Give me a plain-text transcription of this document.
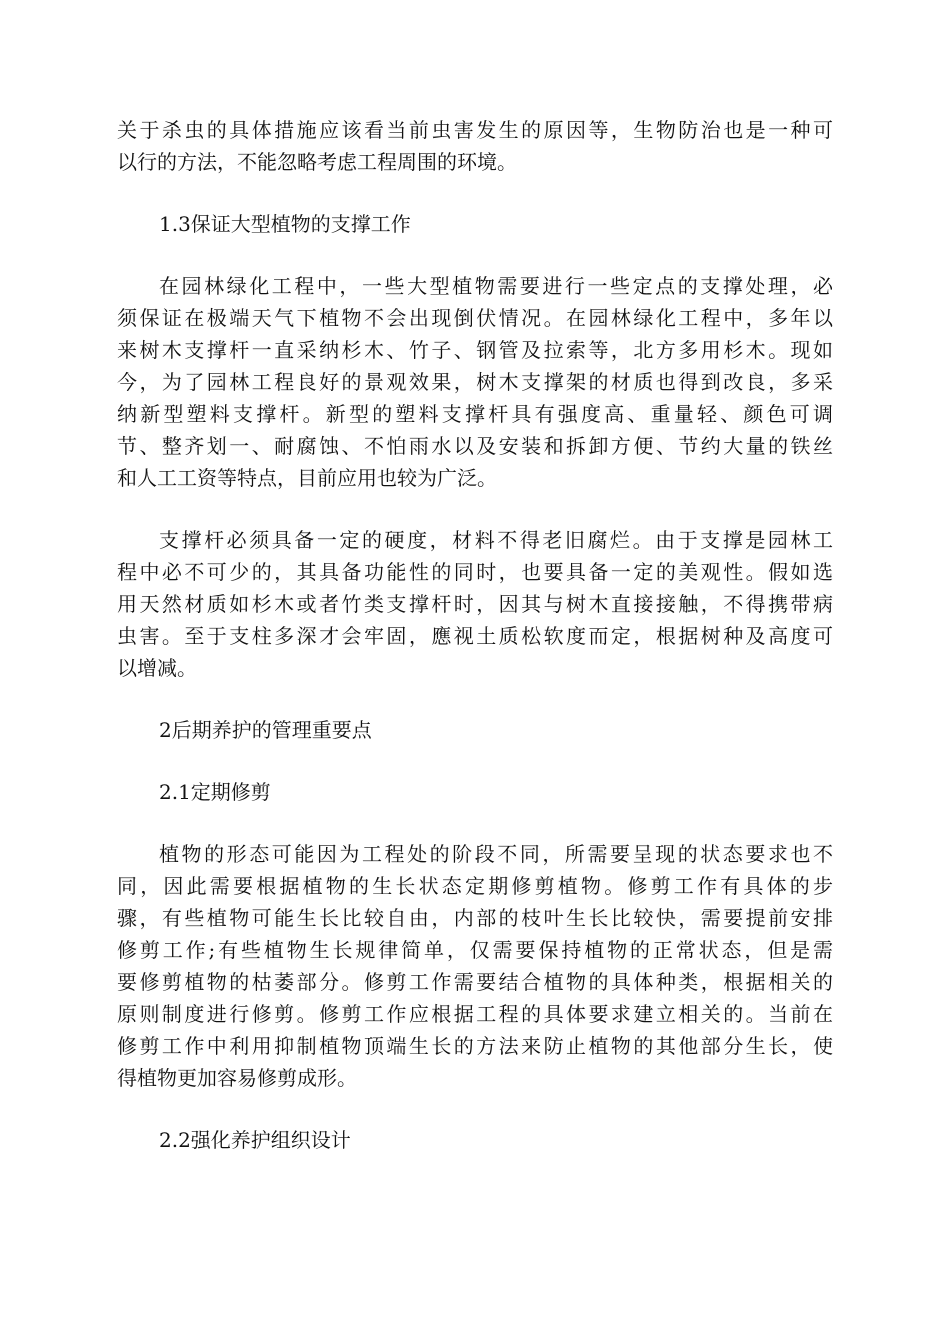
关于杀虫的具体措施应该看当前虫害发生的原因等，生物防治也是一种可
以行的方法，不能忽略考虑工程周围的环境。
1.3保证大型植物的支撑工作
在园林绿化工程中，一些大型植物需要进行一些定点的支撑处理，必
须保证在极端天气下植物不会出现倒伏情况。在园林绿化工程中，多年以
来树木支撑杆一直采纳杉木、竹子、钢管及拉索等，北方多用杉木。现如
今，为了园林工程良好的景观效果，树木支撑架的材质也得到改良，多采
纳新型塑料支撑杆。新型的塑料支撑杆具有强度高、重量轻、颜色可调
节、整齐划一、耐腐蚀、不怕雨水以及安装和拆卸方便、节约大量的铁丝
和人工工资等特点，目前应用也较为广泛。
支撑杆必须具备一定的硬度，材料不得老旧腐烂。由于支撑是园林工
程中必不可少的，其具备功能性的同时，也要具备一定的美观性。假如选
用天然材质如杉木或者竹类支撑杆时，因其与树木直接接触，不得携带病
虫害。至于支柱多深才会牢固，應视土质松软度而定，根据树种及高度可
以增减。
2后期养护的管理重要点
2.1定期修剪
植物的形态可能因为工程处的阶段不同，所需要呈现的状态要求也不
同，因此需要根据植物的生长状态定期修剪植物。修剪工作有具体的步
骤，有些植物可能生长比较自由，内部的枝叶生长比较快，需要提前安排
修剪工作;有些植物生长规律简单，仅需要保持植物的正常状态，但是需
要修剪植物的枯萎部分。修剪工作需要结合植物的具体种类，根据相关的
原则制度进行修剪。修剪工作应根据工程的具体要求建立相关的。当前在
修剪工作中利用抑制植物顶端生长的方法来防止植物的其他部分生长，使
得植物更加容易修剪成形。
2.2强化养护组织设计
